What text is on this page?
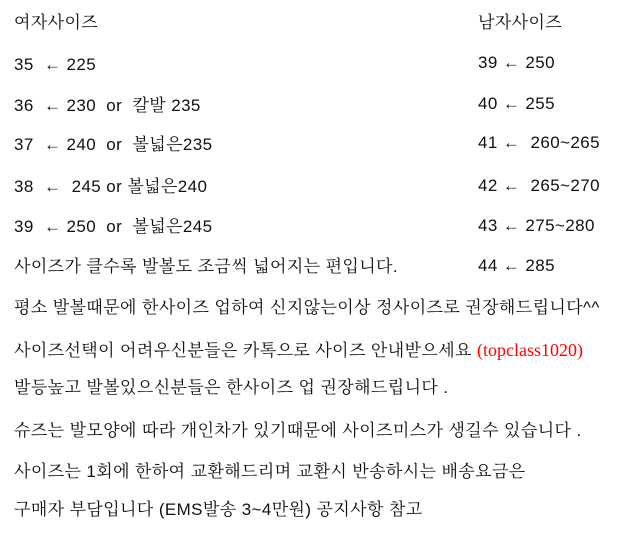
여자사이즈
35  ← 225
36  ← 230  or  칼발 235
37  ← 240  or  볼넓은235
38  ←  245 or 볼넓은240
39  ← 250  or  볼넓은245
남자사이즈
39 ← 250
40 ← 255
41 ←  260~265
42 ←  265~270
43 ← 275~280
44 ← 285
사이즈가 클수록 발볼도 조금씩 넓어지는 편입니다.
평소 발볼때문에 한사이즈 업하여 신지않는이상 정사이즈로 권장해드립니다^^
사이즈선택이 어려우신분들은 카톡으로 사이즈 안내받으세요 (topclass1020)
발등높고 발볼있으신분들은 한사이즈 업 권장해드립니다 .
슈즈는 발모양에 따라 개인차가 있기때문에 사이즈미스가 생길수 있습니다 .
사이즈는 1회에 한하여 교환해드리며 교환시 반송하시는 배송요금은
구매자 부담입니다 (EMS발송 3~4만원) 공지사항 참고
